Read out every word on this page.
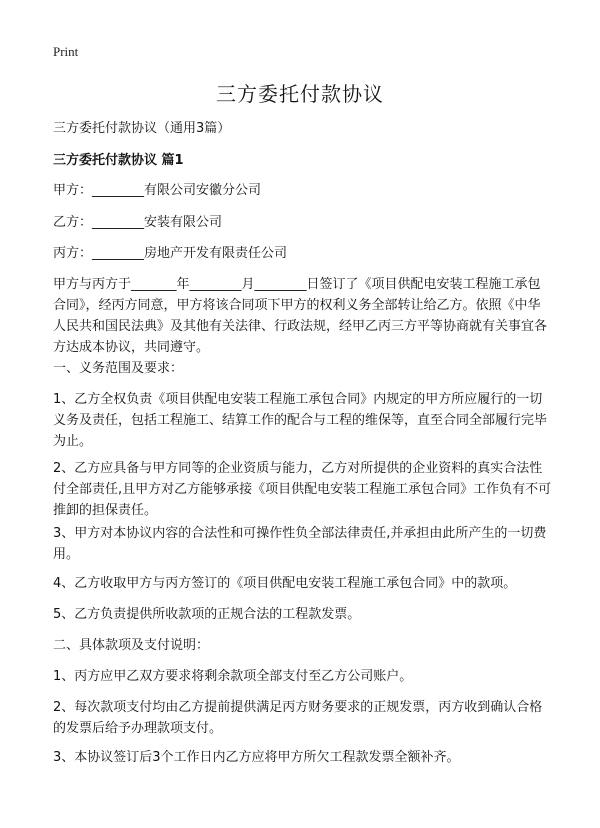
Print
三方委托付款协议

三方委托付款协议（通用3篇）

三方委托付款协议 篇1

甲方：________有限公司安徽分公司

乙方：________安装有限公司

丙方：________房地产开发有限责任公司

甲方与丙方于_______年________月________日签订了《项目供配电安装工程施工承包合同》，经丙方同意，甲方将该合同项下甲方的权利义务全部转让给乙方。依照《中华人民共和国民法典》及其他有关法律、行政法规，经甲乙丙三方平等协商就有关事宜各方达成本协议，共同遵守。

一、义务范围及要求：

1、乙方全权负责《项目供配电安装工程施工承包合同》内规定的甲方所应履行的一切义务及责任，包括工程施工、结算工作的配合与工程的维保等，直至合同全部履行完毕为止。

2、乙方应具备与甲方同等的企业资质与能力，乙方对所提供的企业资料的真实合法性付全部责任,且甲方对乙方能够承接《项目供配电安装工程施工承包合同》工作负有不可推卸的担保责任。

3、甲方对本协议内容的合法性和可操作性负全部法律责任,并承担由此所产生的一切费用。

4、乙方收取甲方与丙方签订的《项目供配电安装工程施工承包合同》中的款项。

5、乙方负责提供所收款项的正规合法的工程款发票。

二、具体款项及支付说明：

1、丙方应甲乙双方要求将剩余款项全部支付至乙方公司账户。

2、每次款项支付均由乙方提前提供满足丙方财务要求的正规发票，丙方收到确认合格的发票后给予办理款项支付。

3、本协议签订后3个工作日内乙方应将甲方所欠工程款发票全额补齐。
